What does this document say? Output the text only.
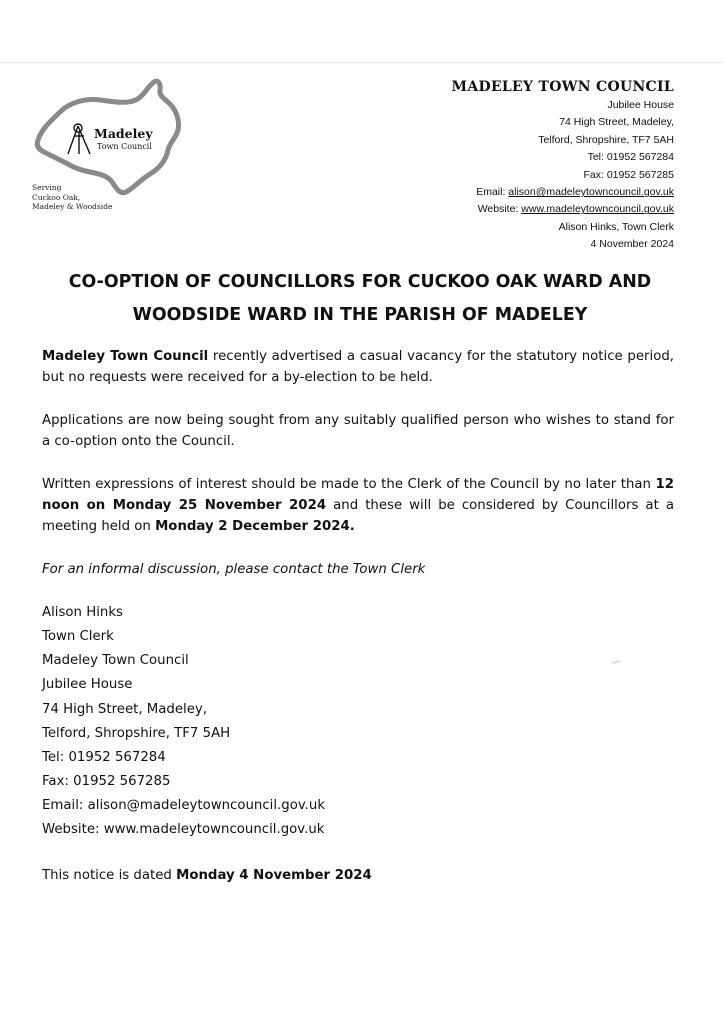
Madeley
Town Council
Serving
Cuckoo Oak,
Madeley & Woodside
MADELEY TOWN COUNCIL
Jubilee House
74 High Street, Madeley,
Telford, Shropshire, TF7 5AH
Tel: 01952 567284
Fax: 01952 567285
Email: alison@madeleytowncouncil.gov.uk
Website: www.madeleytowncouncil.gov.uk
Alison Hinks, Town Clerk
4 November 2024
CO-OPTION OF COUNCILLORS FOR CUCKOO OAK WARD AND
WOODSIDE WARD IN THE PARISH OF MADELEY
Madeley Town Council recently advertised a casual vacancy for the statutory notice period, but no requests were received for a by-election to be held.
Applications are now being sought from any suitably qualified person who wishes to stand for a co-option onto the Council.
Written expressions of interest should be made to the Clerk of the Council by no later than 12 noon on Monday 25 November 2024 and these will be considered by Councillors at a meeting held on Monday 2 December 2024.
For an informal discussion, please contact the Town Clerk
Alison Hinks
Town Clerk
Madeley Town Council
Jubilee House
74 High Street, Madeley,
Telford, Shropshire, TF7 5AH
Tel: 01952 567284
Fax: 01952 567285
Email: alison@madeleytowncouncil.gov.uk
Website: www.madeleytowncouncil.gov.uk
This notice is dated Monday 4 November 2024
